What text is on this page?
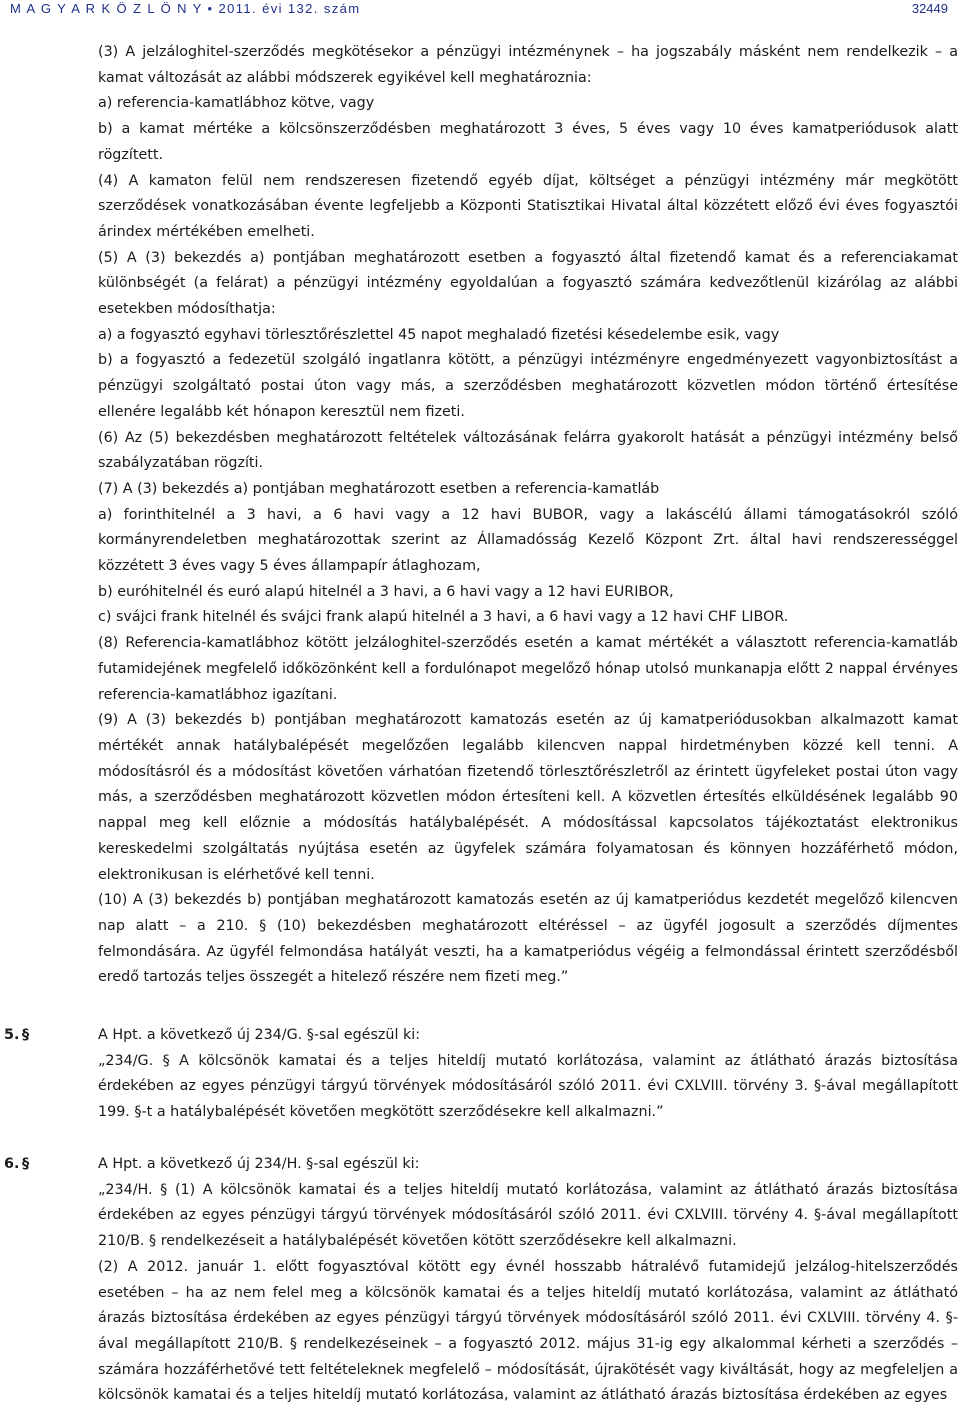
M A G Y A R K Ö Z L Ö N Y • 2011. évi 132. szám	32449

(3) A jelzáloghitel-szerződés megkötésekor a pénzügyi intézménynek – ha jogszabály másként nem rendelkezik – a kamat változását az alábbi módszerek egyikével kell meghatároznia:

a) referencia-kamatlábhoz kötve, vagy

b) a kamat mértéke a kölcsönszerződésben meghatározott 3 éves, 5 éves vagy 10 éves kamatperiódusok alatt rögzített.

(4) A kamaton felül nem rendszeresen fizetendő egyéb díjat, költséget a pénzügyi intézmény már megkötött szerződések vonatkozásában évente legfeljebb a Központi Statisztikai Hivatal által közzétett előző évi éves fogyasztói árindex mértékében emelheti.

(5) A (3) bekezdés a) pontjában meghatározott esetben a fogyasztó által fizetendő kamat és a referenciakamat különbségét (a felárat) a pénzügyi intézmény egyoldalúan a fogyasztó számára kedvezőtlenül kizárólag az alábbi esetekben módosíthatja:

a) a fogyasztó egyhavi törlesztőrészlettel 45 napot meghaladó fizetési késedelembe esik, vagy

b) a fogyasztó a fedezetül szolgáló ingatlanra kötött, a pénzügyi intézményre engedményezett vagyonbiztosítást a pénzügyi szolgáltató postai úton vagy más, a szerződésben meghatározott közvetlen módon történő értesítése ellenére legalább két hónapon keresztül nem fizeti.

(6) Az (5) bekezdésben meghatározott feltételek változásának felárra gyakorolt hatását a pénzügyi intézmény belső szabályzatában rögzíti.

(7) A (3) bekezdés a) pontjában meghatározott esetben a referencia-kamatláb

a) forinthitelnél a 3 havi, a 6 havi vagy a 12 havi BUBOR, vagy a lakáscélú állami támogatásokról szóló kormányrendeletben meghatározottak szerint az Államadósság Kezelő Központ Zrt. által havi rendszerességgel közzétett 3 éves vagy 5 éves állampapír átlaghozam,

b) euróhitelnél és euró alapú hitelnél a 3 havi, a 6 havi vagy a 12 havi EURIBOR,

c) svájci frank hitelnél és svájci frank alapú hitelnél a 3 havi, a 6 havi vagy a 12 havi CHF LIBOR.

(8) Referencia-kamatlábhoz kötött jelzáloghitel-szerződés esetén a kamat mértékét a választott referencia-kamatláb futamidejének megfelelő időközönként kell a fordulónapot megelőző hónap utolsó munkanapja előtt 2 nappal érvényes referencia-kamatlábhoz igazítani.

(9) A (3) bekezdés b) pontjában meghatározott kamatozás esetén az új kamatperiódusokban alkalmazott kamat mértékét annak hatálybalépését megelőzően legalább kilencven nappal hirdetményben közzé kell tenni. A módosításról és a módosítást követően várhatóan fizetendő törlesztőrészletről az érintett ügyfeleket postai úton vagy más, a szerződésben meghatározott közvetlen módon értesíteni kell. A közvetlen értesítés elküldésének legalább 90 nappal meg kell előznie a módosítás hatálybalépését. A módosítással kapcsolatos tájékoztatást elektronikus kereskedelmi szolgáltatás nyújtása esetén az ügyfelek számára folyamatosan és könnyen hozzáférhető módon, elektronikusan is elérhetővé kell tenni.

(10) A (3) bekezdés b) pontjában meghatározott kamatozás esetén az új kamatperiódus kezdetét megelőző kilencven nap alatt – a 210. § (10) bekezdésben meghatározott eltéréssel – az ügyfél jogosult a szerződés díjmentes felmondására. Az ügyfél felmondása hatályát veszti, ha a kamatperiódus végéig a felmondással érintett szerződésből eredő tartozás teljes összegét a hitelező részére nem fizeti meg.”

5. §	A Hpt. a következő új 234/G. §-sal egészül ki:

„234/G. § A kölcsönök kamatai és a teljes hiteldíj mutató korlátozása, valamint az átlátható árazás biztosítása érdekében az egyes pénzügyi tárgyú törvények módosításáról szóló 2011. évi CXLVIII. törvény 3. §-ával megállapított 199. §-t a hatálybalépését követően megkötött szerződésekre kell alkalmazni.”

6. §	A Hpt. a következő új 234/H. §-sal egészül ki:

„234/H. § (1) A kölcsönök kamatai és a teljes hiteldíj mutató korlátozása, valamint az átlátható árazás biztosítása érdekében az egyes pénzügyi tárgyú törvények módosításáról szóló 2011. évi CXLVIII. törvény 4. §-ával megállapított 210/B. § rendelkezéseit a hatálybalépését követően kötött szerződésekre kell alkalmazni.

(2) A 2012. január 1. előtt fogyasztóval kötött egy évnél hosszabb hátralévő futamidejű jelzálog-hitelszerződés esetében – ha az nem felel meg a kölcsönök kamatai és a teljes hiteldíj mutató korlátozása, valamint az átlátható árazás biztosítása érdekében az egyes pénzügyi tárgyú törvények módosításáról szóló 2011. évi CXLVIII. törvény 4. §-ával megállapított 210/B. § rendelkezéseinek – a fogyasztó 2012. május 31-ig egy alkalommal kérheti a szerződés – számára hozzáférhetővé tett feltételeknek megfelelő – módosítását, újrakötését vagy kiváltását, hogy az megfeleljen a kölcsönök kamatai és a teljes hiteldíj mutató korlátozása, valamint az átlátható árazás biztosítása érdekében az egyes
